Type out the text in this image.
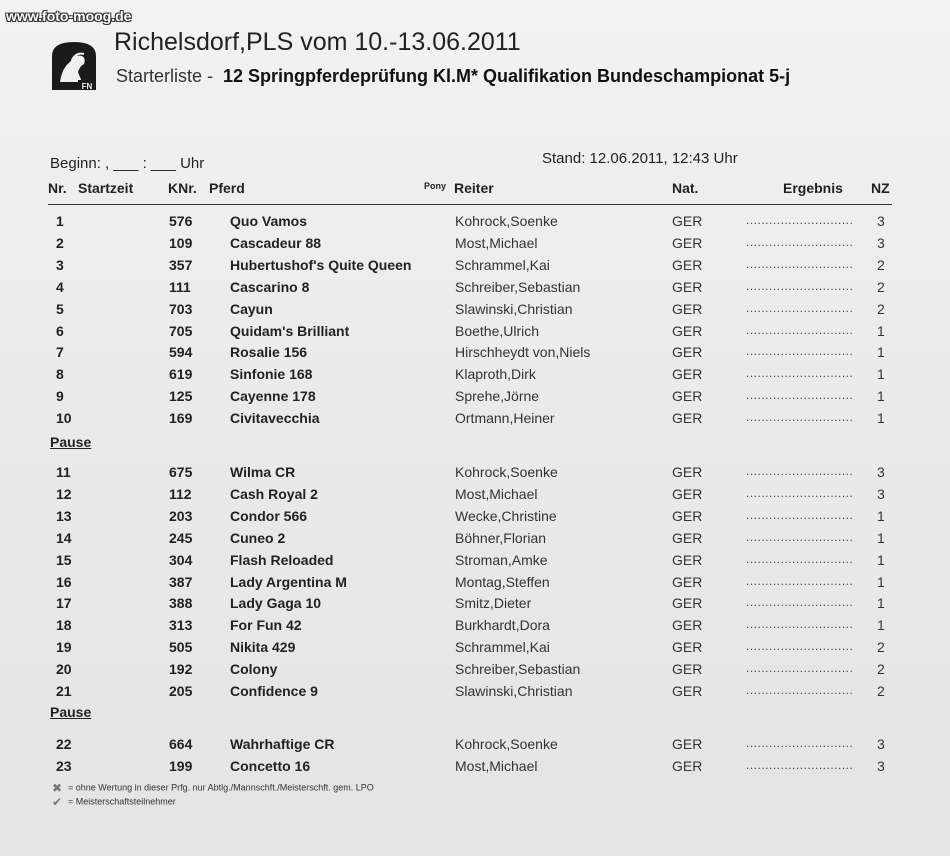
www.foto-moog.de
FN
Richelsdorf,PLS vom 10.-13.06.2011
Starterliste - 12 Springpferdeprüfung Kl.M* Qualifikation Bundeschampionat 5-j
Beginn: , ___ : ___ Uhr	Stand: 12.06.2011, 12:43 Uhr
Nr. Startzeit KNr. Pferd	Pony Reiter	Nat.	Ergebnis NZ
1	576	Quo Vamos	Kohrock,Soenke	GER	............................ 3
2	109	Cascadeur 88	Most,Michael	GER	............................ 3
3	357	Hubertushof's Quite Queen	Schrammel,Kai	GER	............................ 2
4	111	Cascarino 8	Schreiber,Sebastian	GER	............................ 2
5	703	Cayun	Slawinski,Christian	GER	............................ 2
6	705	Quidam's Brilliant	Boethe,Ulrich	GER	............................ 1
7	594	Rosalie 156	Hirschheydt von,Niels	GER	............................ 1
8	619	Sinfonie 168	Klaproth,Dirk	GER	............................ 1
9	125	Cayenne 178	Sprehe,Jörne	GER	............................ 1
10	169	Civitavecchia	Ortmann,Heiner	GER	............................ 1
Pause
11	675	Wilma CR	Kohrock,Soenke	GER	............................ 3
12	112	Cash Royal 2	Most,Michael	GER	............................ 3
13	203	Condor 566	Wecke,Christine	GER	............................ 1
14	245	Cuneo 2	Böhner,Florian	GER	............................ 1
15	304	Flash Reloaded	Stroman,Amke	GER	............................ 1
16	387	Lady Argentina M	Montag,Steffen	GER	............................ 1
17	388	Lady Gaga 10	Smitz,Dieter	GER	............................ 1
18	313	For Fun 42	Burkhardt,Dora	GER	............................ 1
19	505	Nikita 429	Schrammel,Kai	GER	............................ 2
20	192	Colony	Schreiber,Sebastian	GER	............................ 2
21	205	Confidence 9	Slawinski,Christian	GER	............................ 2
Pause
22	664	Wahrhaftige CR	Kohrock,Soenke	GER	............................ 3
23	199	Concetto 16	Most,Michael	GER	............................ 3
✖ = ohne Wertung in dieser Prfg. nur Abtlg./Mannschft./Meisterschft. gem. LPO
✔ = Meisterschaftsteilnehmer
